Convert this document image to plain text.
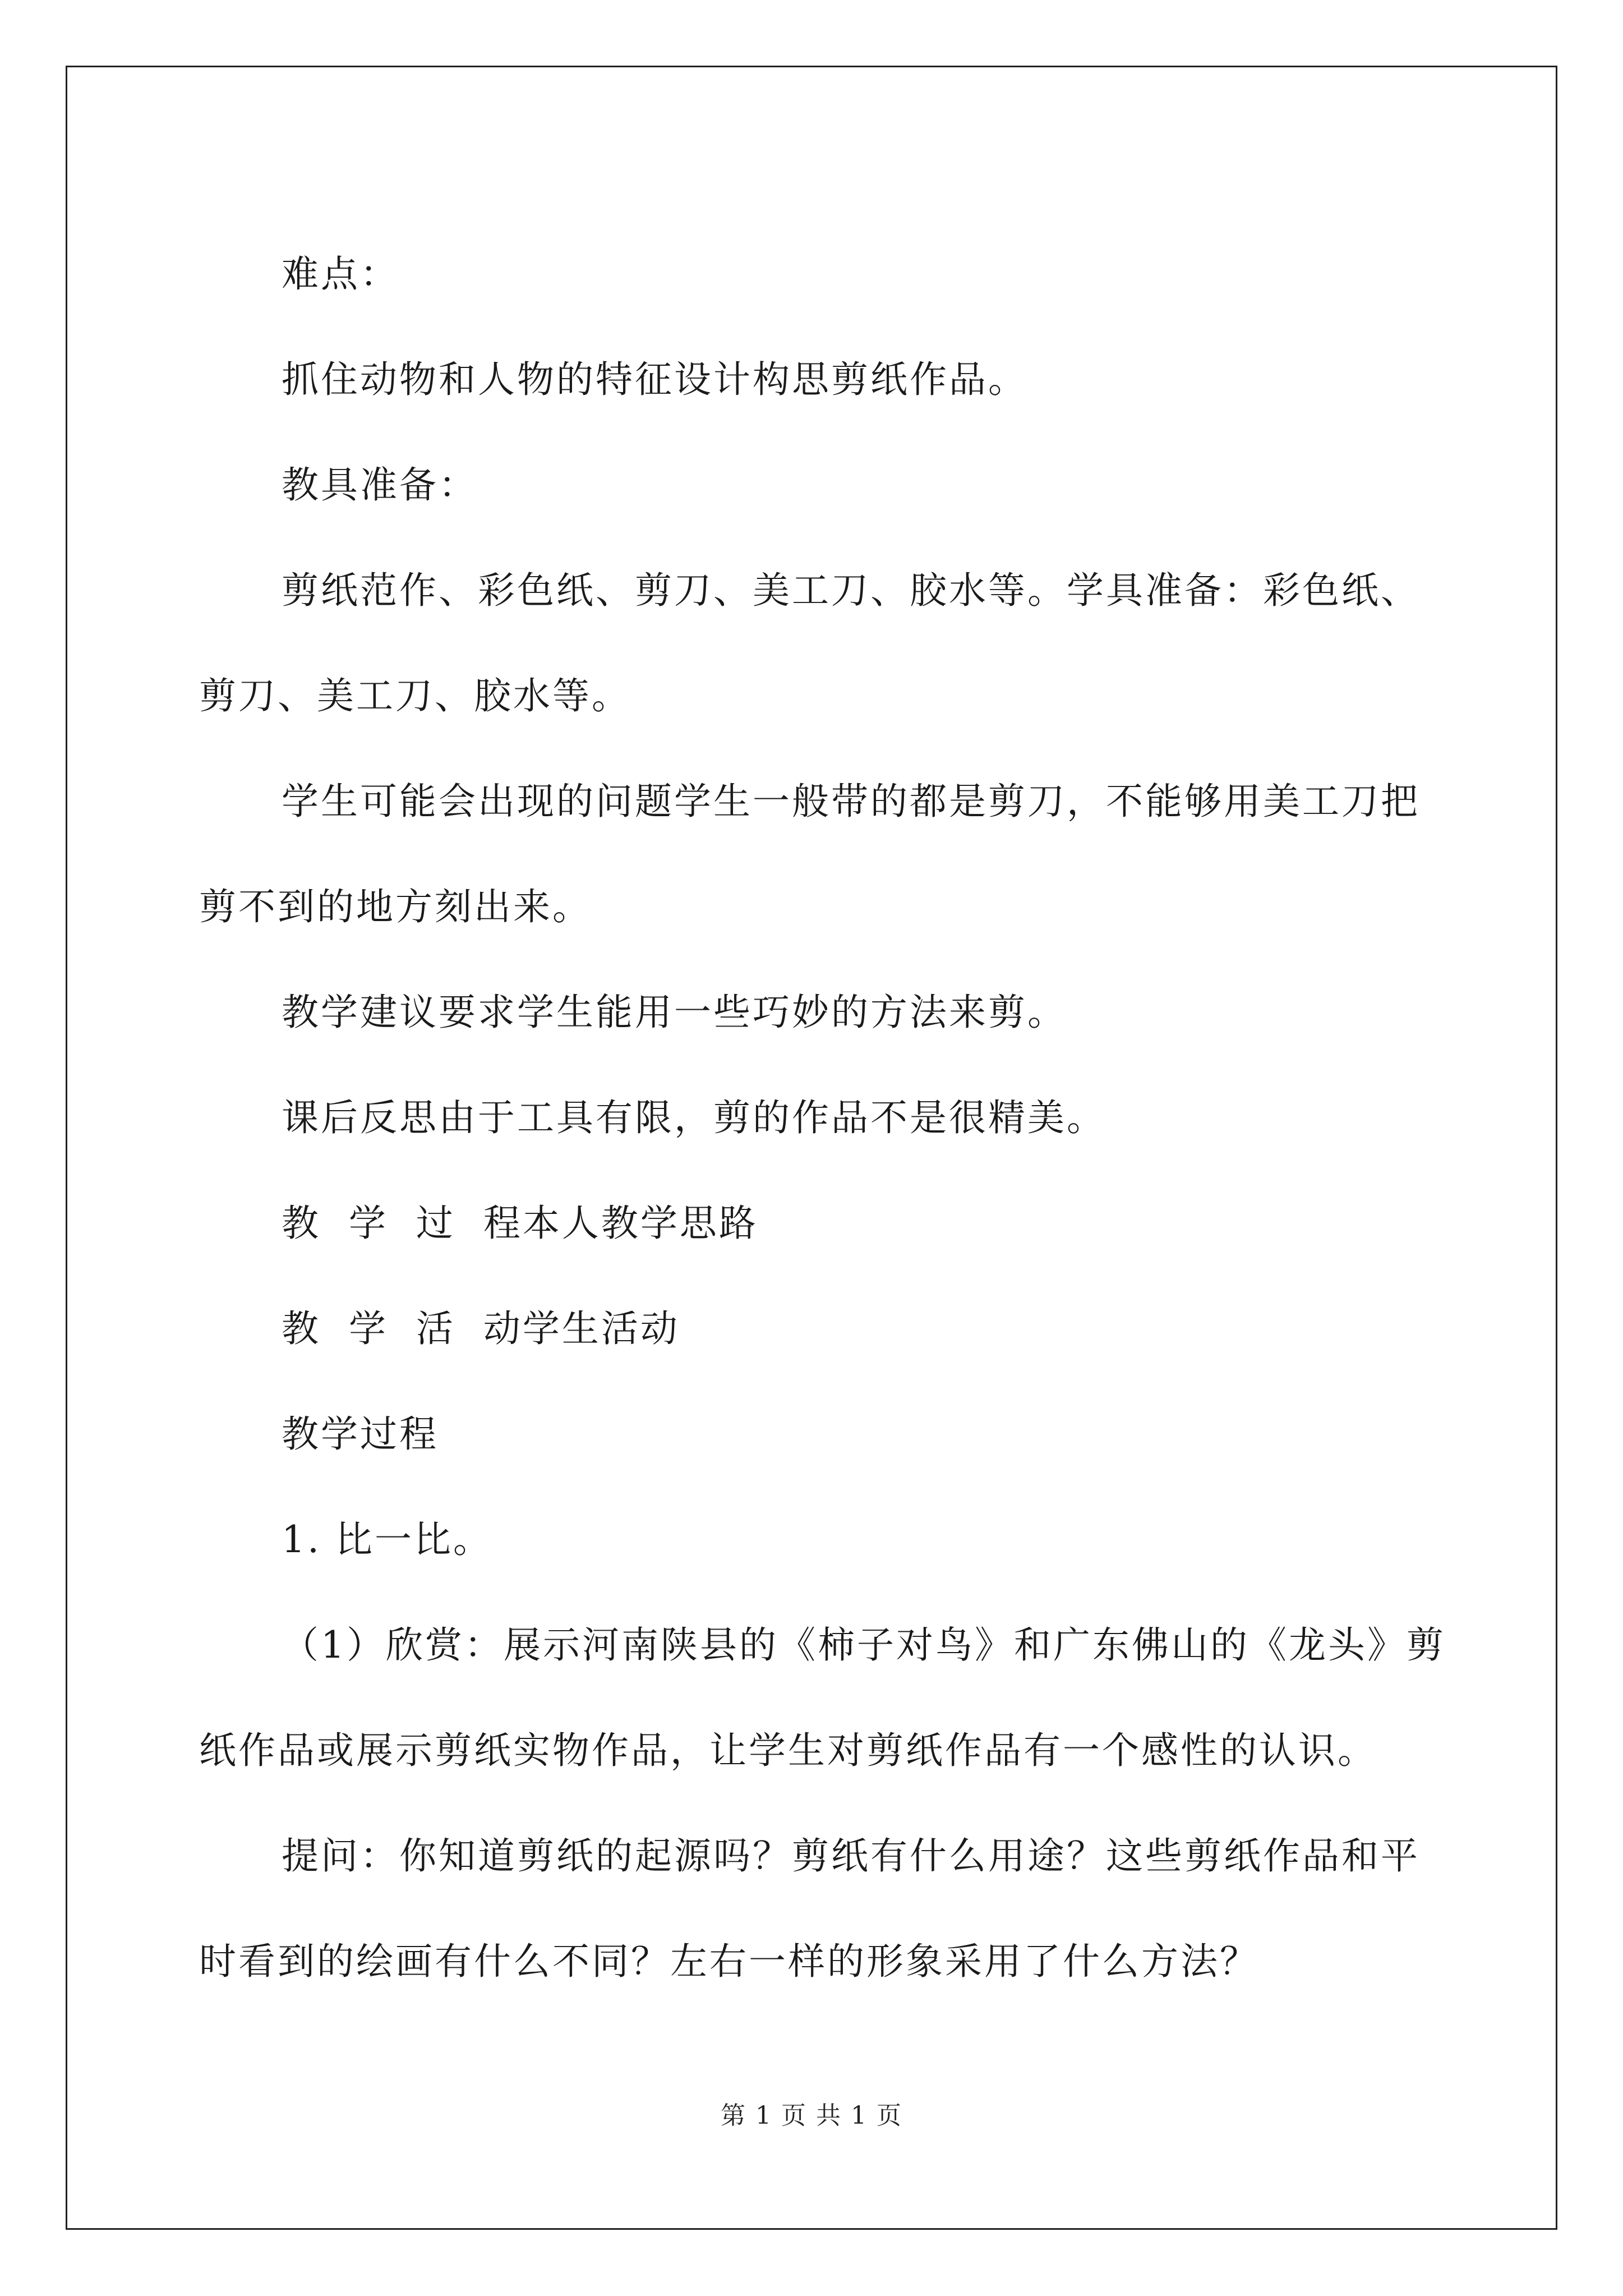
难点：

抓住动物和人物的特征设计构思剪纸作品。

教具准备：

剪纸范作、彩色纸、剪刀、美工刀、胶水等。学具准备：彩色纸、剪刀、美工刀、胶水等。

学生可能会出现的问题学生一般带的都是剪刀，不能够用美工刀把剪不到的地方刻出来。

教学建议要求学生能用一些巧妙的方法来剪。

课后反思由于工具有限，剪的作品不是很精美。

教  学  过  程本人教学思路

教  学  活  动学生活动

教学过程

1. 比一比。

（1）欣赏：展示河南陕县的《柿子对鸟》和广东佛山的《龙头》剪纸作品或展示剪纸实物作品，让学生对剪纸作品有一个感性的认识。

提问：你知道剪纸的起源吗？剪纸有什么用途？这些剪纸作品和平时看到的绘画有什么不同？左右一样的形象采用了什么方法？

第 1 页 共 1 页
